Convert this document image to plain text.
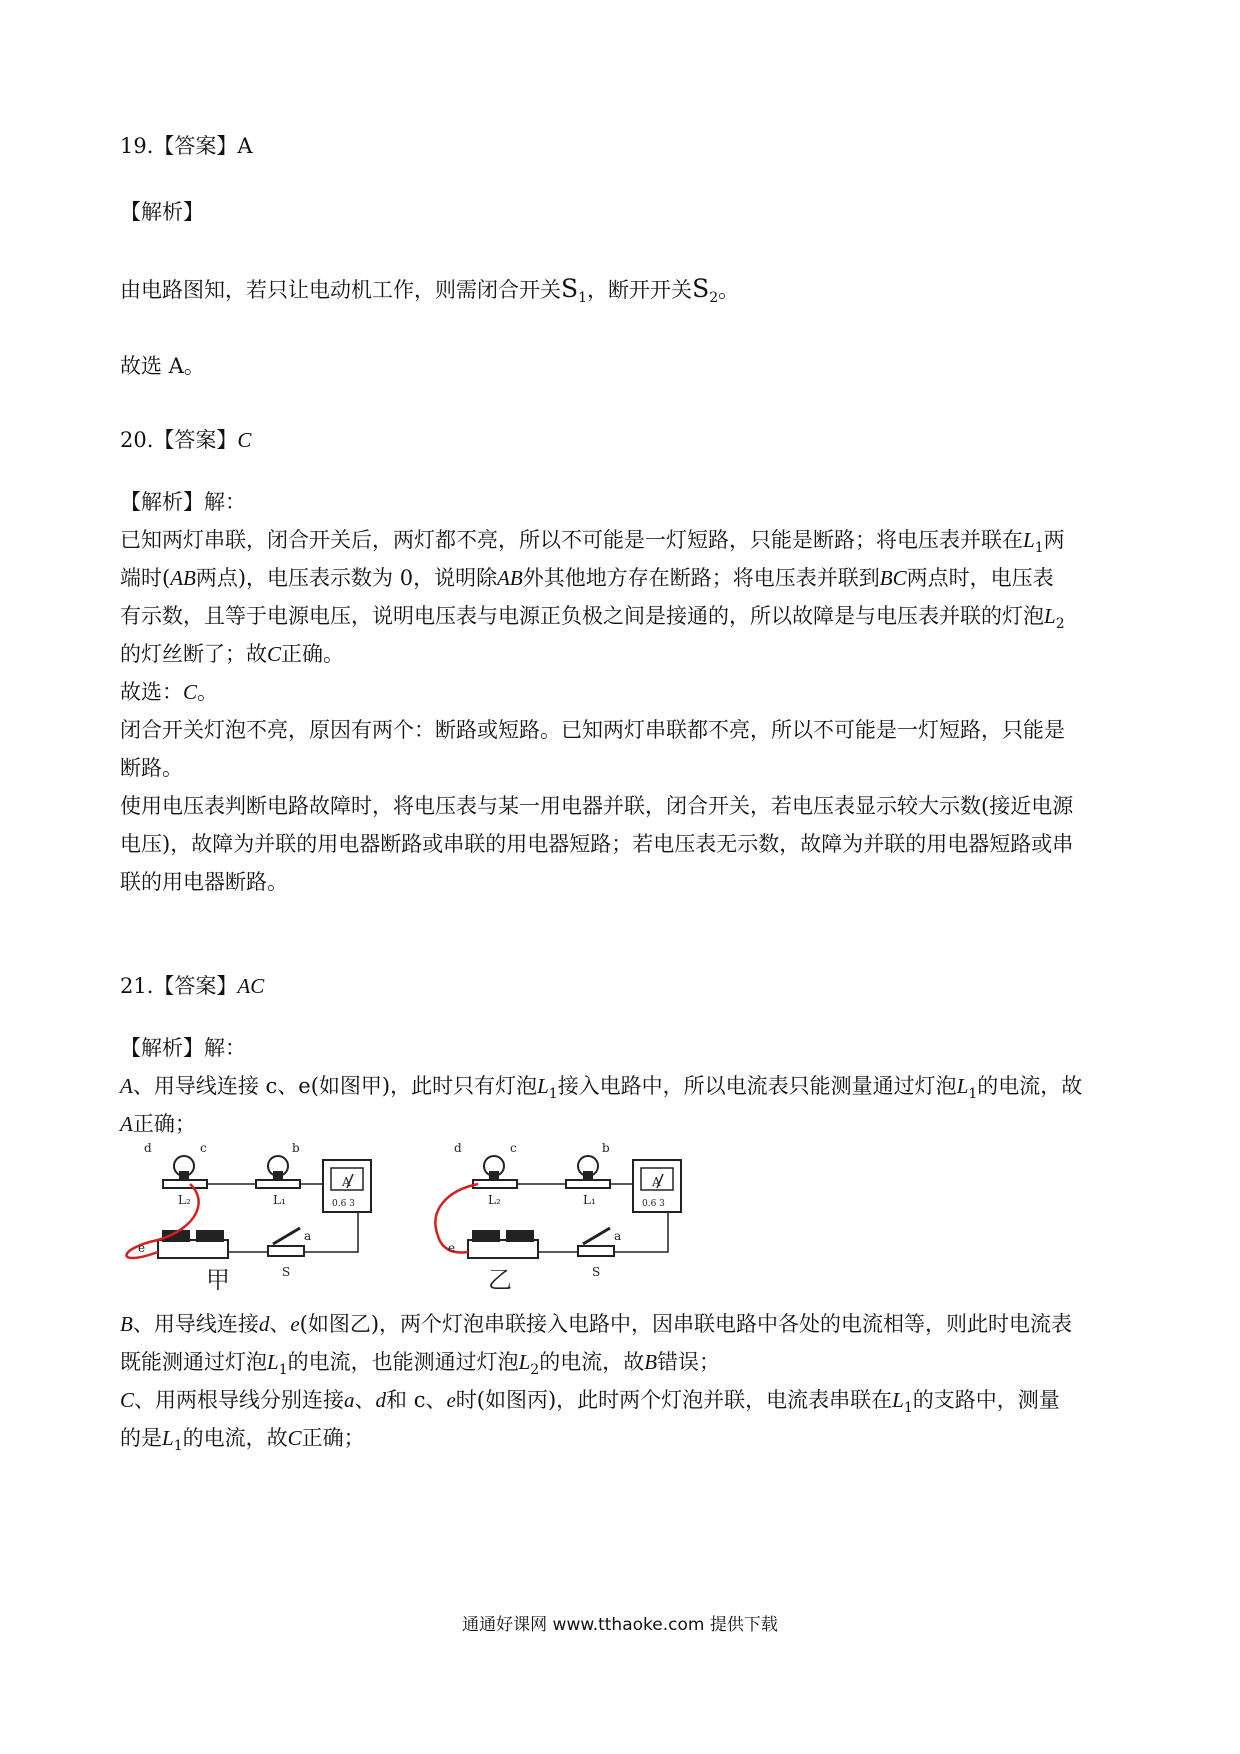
19.【答案】A
【解析】
由电路图知，若只让电动机工作，则需闭合开关$S_1$，断开开关$S_2$。
故选 A。
20.【答案】C
【解析】解：
已知两灯串联，闭合开关后，两灯都不亮，所以不可能是一灯短路，只能是断路；将电压表并联在$L_1$两
端时(AB两点)，电压表示数为 0，说明除AB外其他地方存在断路；将电压表并联到BC两点时，电压表
有示数，且等于电源电压，说明电压表与电源正负极之间是接通的，所以故障是与电压表并联的灯泡$L_2$
的灯丝断了；故C正确。
故选：C。
闭合开关灯泡不亮，原因有两个：断路或短路。已知两灯串联都不亮，所以不可能是一灯短路，只能是
断路。
使用电压表判断电路故障时，将电压表与某一用电器并联，闭合开关，若电压表显示较大示数(接近电源
电压)，故障为并联的用电器断路或串联的用电器短路；若电压表无示数，故障为并联的用电器短路或串
联的用电器断路。
21.【答案】AC
【解析】解：
A、用导线连接 c、e(如图甲)，此时只有灯泡$L_1$接入电路中，所以电流表只能测量通过灯泡$L_1$的电流，故
A正确；
d	c	b
L₂	L₁
A
0.6 3
a
e
S
甲
d	c	b
L₂	L₁
A
0.6 3
a
e
S
乙
B、用导线连接d、e(如图乙)，两个灯泡串联接入电路中，因串联电路中各处的电流相等，则此时电流表
既能测通过灯泡$L_1$的电流，也能测通过灯泡$L_2$的电流，故B错误；
C、用两根导线分别连接a、d和 c、e时(如图丙)，此时两个灯泡并联，电流表串联在$L_1$的支路中，测量
的是$L_1$的电流，故C正确；
通通好课网 www.tthaoke.com 提供下载
